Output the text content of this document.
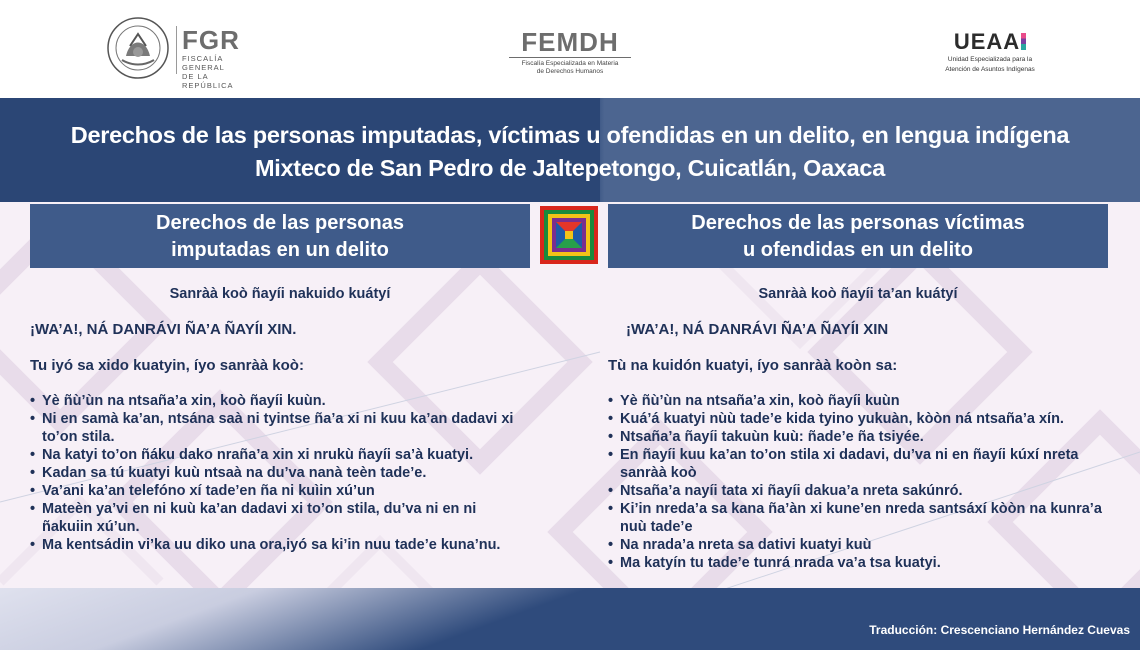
FGR
FISCALÍA GENERAL
DE LA REPÚBLICA
FEMDH
Fiscalía Especializada en Materia
de Derechos Humanos
UEAA
Unidad Especializada para la
Atención de Asuntos Indígenas
Derechos de las personas imputadas, víctimas u ofendidas en un delito, en lengua indígena
Mixteco de San Pedro de Jaltepetongo, Cuicatlán, Oaxaca
Derechos de las personas
imputadas en un delito
Derechos de las personas víctimas
u ofendidas en un delito
Sanràà koò ñayíi nakuido kuátyí
¡WA’A!, NÁ DANRÁVI ÑA’A ÑAYÍI XIN.
Tu iyó sa xido kuatyin, íyo sanràà koò:
• Yè ñù’ùn na ntsaña’a xin, koò ñayíi kuùn.
• Ni en samà ka’an, ntsána saà ni tyintse ña’a xi ni kuu ka’an dadavi xi to’on stila.
• Na katyi to’on ñáku dako nraña’a xin xi nrukù ñayíi sa’à kuatyi.
• Kadan sa tú kuatyi kuù ntsaà na du’va nanà teèn tade’e.
• Va’ani ka’an telefóno xí tade’en ña ni kuìin xú’un
• Mateèn ya’vi en ni kuù ka’an dadavi xi to’on stila, du’va ni en ni ñakuiin xú’un.
• Ma kentsádin vi’ka uu diko una ora,iyó sa ki’in nuu tade’e kuna’nu.
Sanràà koò ñayíi ta’an kuátyí
¡WA’A!, NÁ DANRÁVI ÑA’A ÑAYÍI XIN
Tù na kuidón kuatyi, íyo sanràà koòn sa:
• Yè ñù’ùn na ntsaña’a xin, koò ñayíi kuùn
• Kuá’á kuatyi nùù tade’e kida tyino yukuàn, kòòn ná ntsaña’a xín.
• Ntsaña’a ñayíi takuùn kuù: ñade’e ña tsiyée.
• En ñayíi kuu ka’an to’on stila xi dadavi, du’va ni en ñayíi kúxí nreta sanràà koò
• Ntsaña’a nayíi tata xi ñayíi dakua’a nreta sakúnró.
• Ki’in nreda’a sa kana ña’àn xi kune’en nreda santsáxí kòòn na kunra’a nuù tade’e
• Na nrada’a nreta sa dativi kuatyi kuù
• Ma katyín tu tade’e tunrá nrada va’a tsa kuatyi.
Traducción: Crescenciano Hernández Cuevas
